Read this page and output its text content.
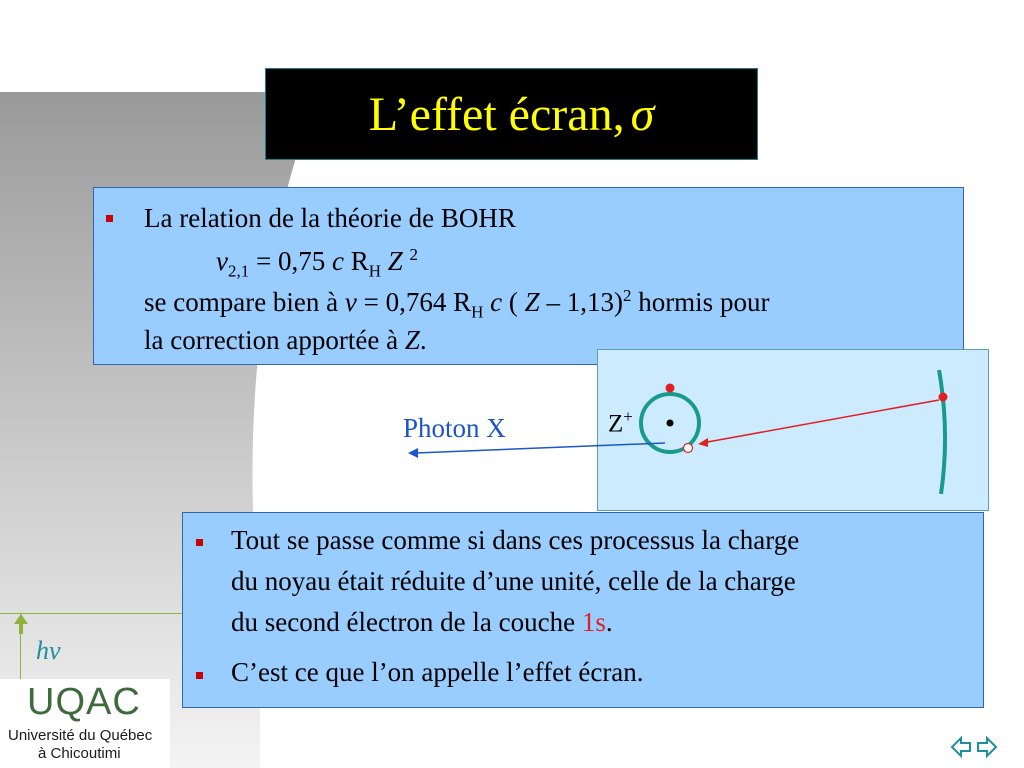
hν
L’effet écran, σ
La relation de la théorie de BOHR
$\nu_{2,1} = 0,75$ c $R_H$ Z $^2$
se compare bien à ν = 0,764 $R_H$ c ( Z – 1,13)$^2$ hormis pour
la correction apportée à Z.
Z+
Photon X
Tout se passe comme si dans ces processus la charge
du noyau était réduite d’une unité, celle de la charge
du second électron de la couche 1s.
C’est ce que l’on appelle l’effet écran.
UQAC
Université du Québec
à Chicoutimi
